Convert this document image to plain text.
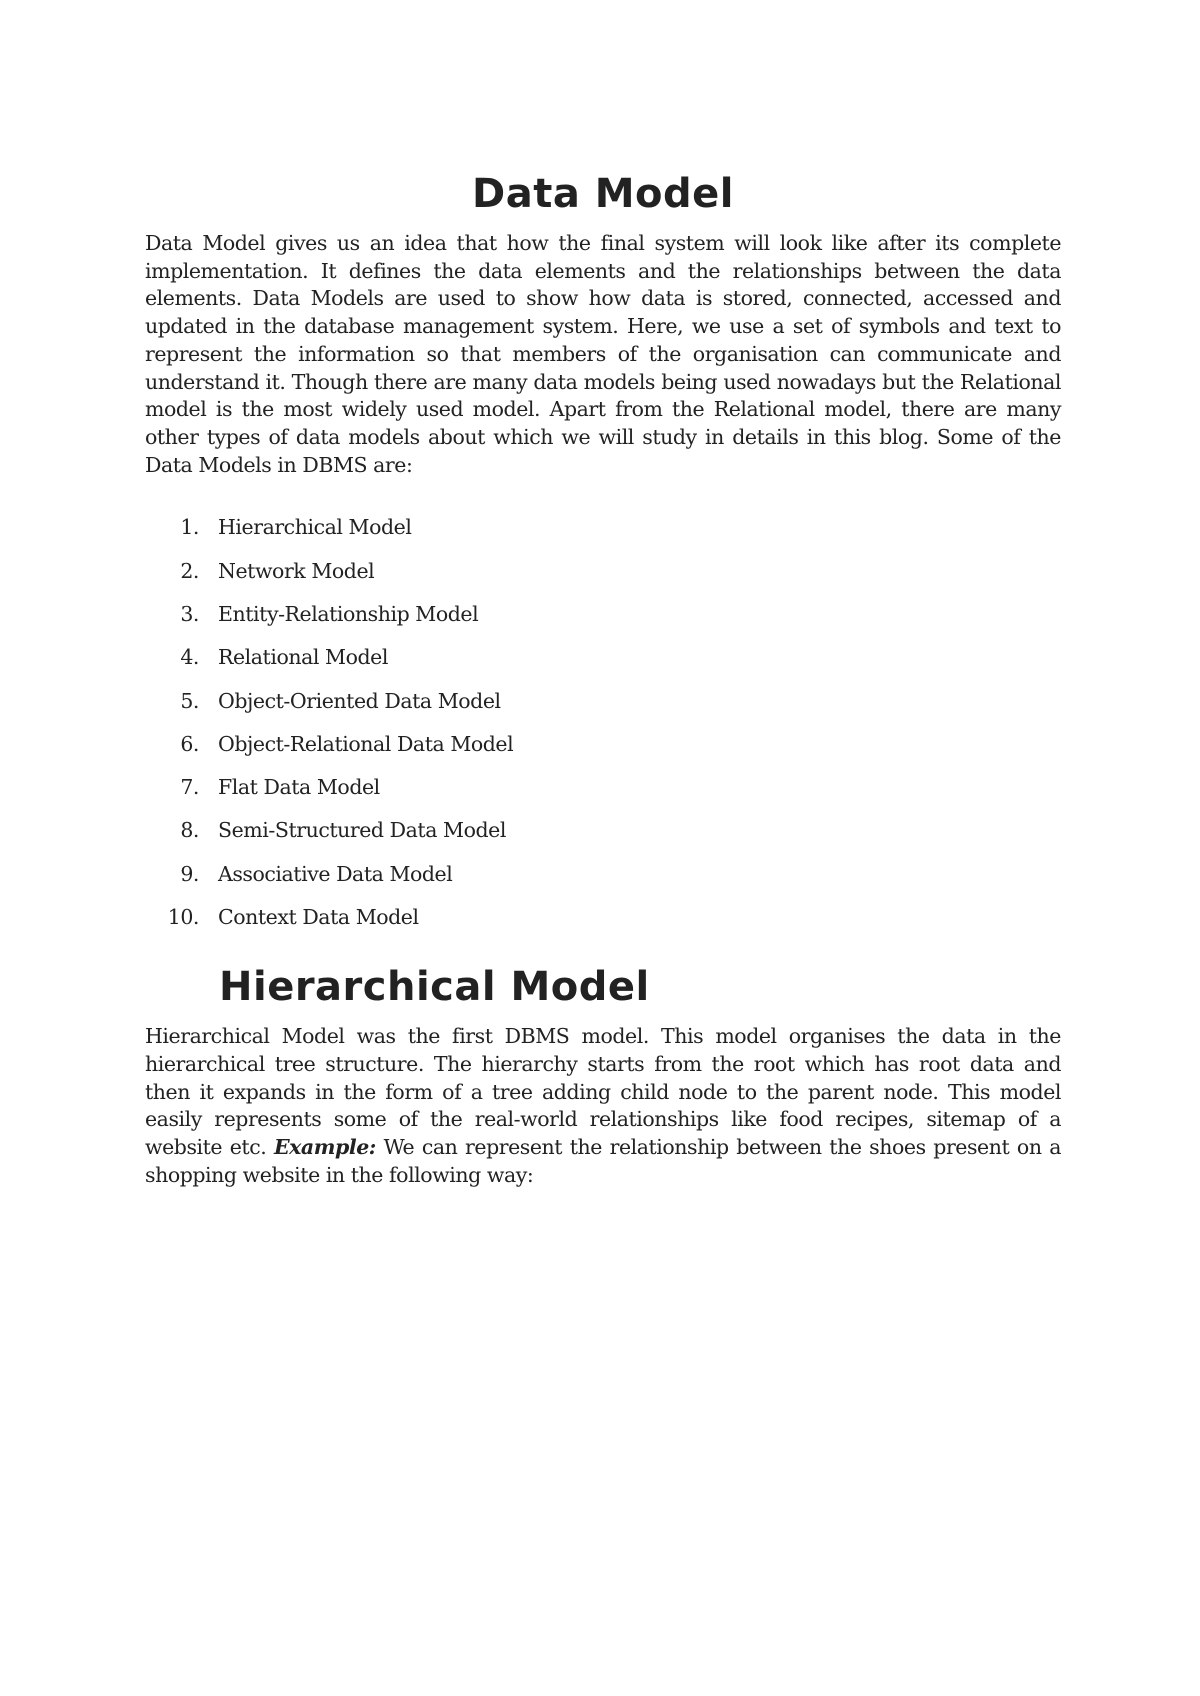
Data Model

Data Model gives us an idea that how the final system will look like after its complete implementation. It defines the data elements and the relationships between the data elements. Data Models are used to show how data is stored, connected, accessed and updated in the database management system. Here, we use a set of symbols and text to represent the information so that members of the organisation can communicate and understand it. Though there are many data models being used nowadays but the Relational model is the most widely used model. Apart from the Relational model, there are many other types of data models about which we will study in details in this blog. Some of the Data Models in DBMS are:

1. Hierarchical Model
2. Network Model
3. Entity-Relationship Model
4. Relational Model
5. Object-Oriented Data Model
6. Object-Relational Data Model
7. Flat Data Model
8. Semi-Structured Data Model
9. Associative Data Model
10. Context Data Model
Hierarchical Model

Hierarchical Model was the first DBMS model. This model organises the data in the hierarchical tree structure. The hierarchy starts from the root which has root data and then it expands in the form of a tree adding child node to the parent node. This model easily represents some of the real-world relationships like food recipes, sitemap of a website etc. Example: We can represent the relationship between the shoes present on a shopping website in the following way:
